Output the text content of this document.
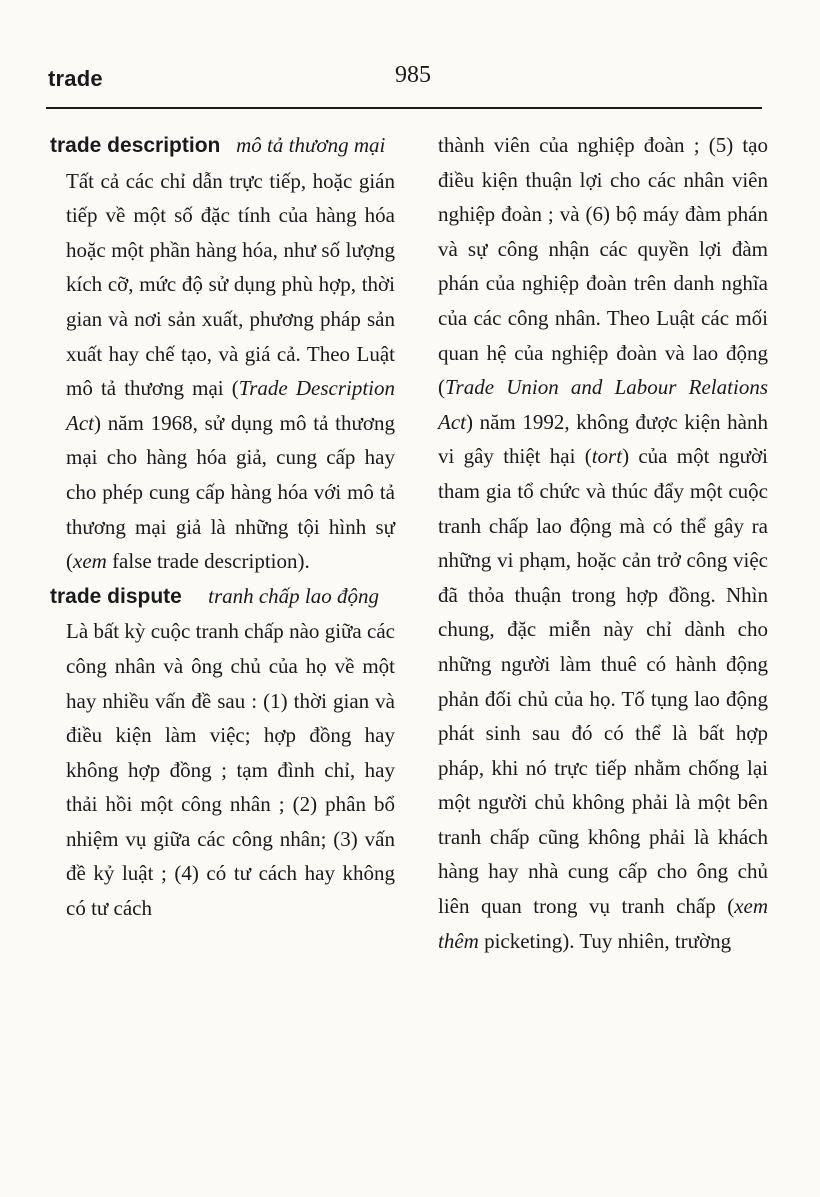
trade	985

trade description mô tả thương mại

Tất cả các chỉ dẫn trực tiếp, hoặc gián tiếp về một số đặc tính của hàng hóa hoặc một phần hàng hóa, như số lượng kích cỡ, mức độ sử dụng phù hợp, thời gian và nơi sản xuất, phương pháp sản xuất hay chế tạo, và giá cả. Theo Luật mô tả thương mại (Trade Description Act) năm 1968, sử dụng mô tả thương mại cho hàng hóa giả, cung cấp hay cho phép cung cấp hàng hóa với mô tả thương mại giả là những tội hình sự (xem false trade description).

trade dispute tranh chấp lao động

Là bất kỳ cuộc tranh chấp nào giữa các công nhân và ông chủ của họ về một hay nhiều vấn đề sau : (1) thời gian và điều kiện làm việc; hợp đồng hay không hợp đồng ; tạm đình chỉ, hay thải hồi một công nhân ; (2) phân bổ nhiệm vụ giữa các công nhân; (3) vấn đề kỷ luật ; (4) có tư cách hay không có tư cách

thành viên của nghiệp đoàn ; (5) tạo điều kiện thuận lợi cho các nhân viên nghiệp đoàn ; và (6) bộ máy đàm phán và sự công nhận các quyền lợi đàm phán của nghiệp đoàn trên danh nghĩa của các công nhân. Theo Luật các mối quan hệ của nghiệp đoàn và lao động (Trade Union and Labour Relations Act) năm 1992, không được kiện hành vi gây thiệt hại (tort) của một người tham gia tổ chức và thúc đẩy một cuộc tranh chấp lao động mà có thể gây ra những vi phạm, hoặc cản trở công việc đã thỏa thuận trong hợp đồng. Nhìn chung, đặc miễn này chỉ dành cho những người làm thuê có hành động phản đối chủ của họ. Tố tụng lao động phát sinh sau đó có thể là bất hợp pháp, khi nó trực tiếp nhằm chống lại một người chủ không phải là một bên tranh chấp cũng không phải là khách hàng hay nhà cung cấp cho ông chủ liên quan trong vụ tranh chấp (xem thêm picketing). Tuy nhiên, trường
